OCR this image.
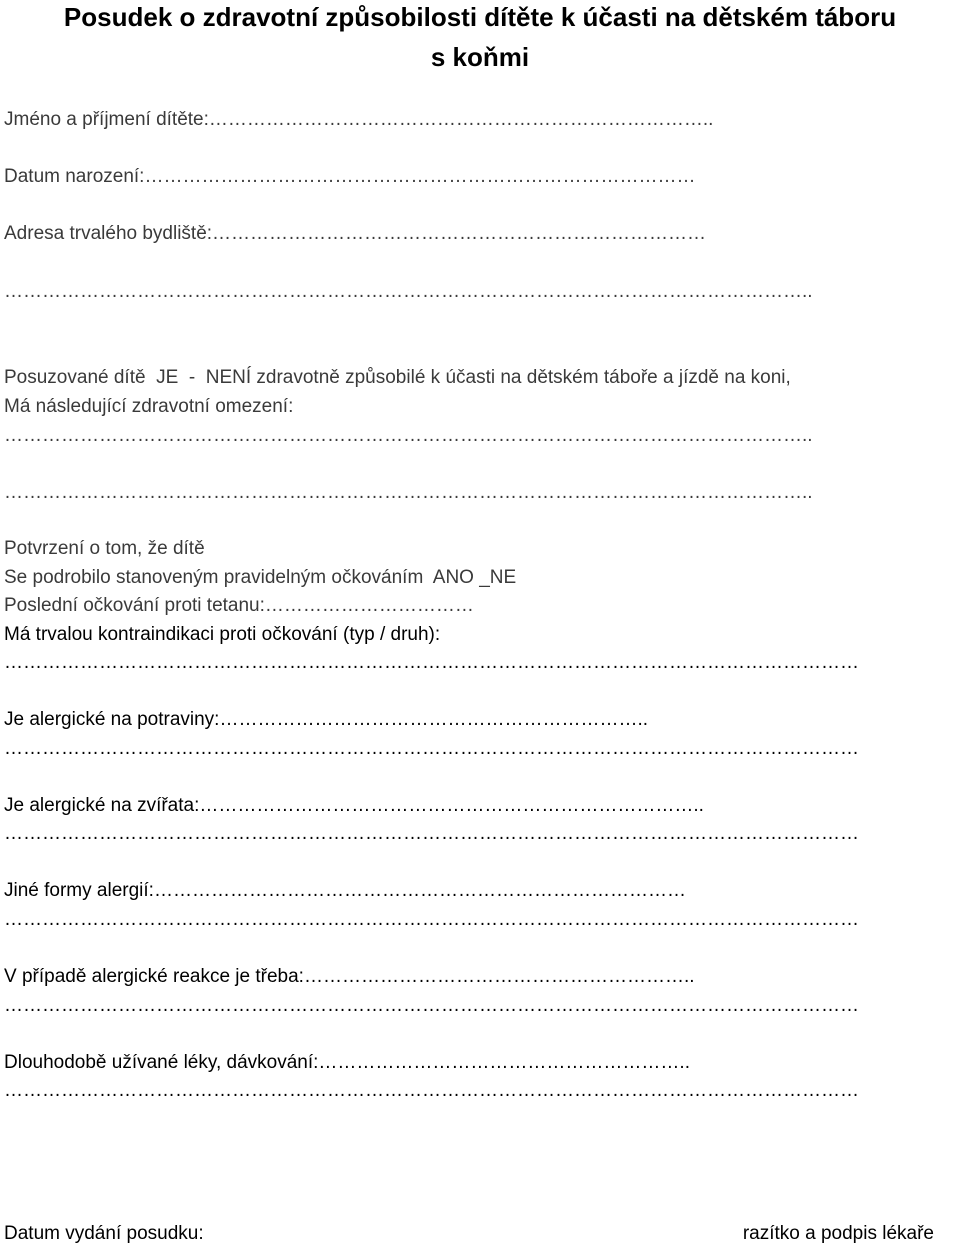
Posudek o zdravotní způsobilosti dítěte k účasti na dětském táboru
s koňmi
Jméno a příjmení dítěte:……………………………………………………………………..
Datum narození:……………………………………………………………………………
Adresa trvalého bydliště:……………………………………………………………………
………………………………………………………………………………………………………………..
Posuzované dítě  JE  -  NENÍ zdravotně způsobilé k účasti na dětském táboře a jízdě na koni,
Má následující zdravotní omezení:
………………………………………………………………………………………………………………..
………………………………………………………………………………………………………………..
Potvrzení o tom, že dítě
Se podrobilo stanoveným pravidelným očkováním  ANO _NE
Poslední očkování proti tetanu:……………………………
Má trvalou kontraindikaci proti očkování (typ / druh):
………………………………………………………………………………………………………………………
Je alergické na potraviny:…………………………………………………………..
………………………………………………………………………………………………………………………
Je alergické na zvířata:……………………………………………………………………..
………………………………………………………………………………………………………………………
Jiné formy alergií:…………………………………………………………………………
………………………………………………………………………………………………………………………
V případě alergické reakce je třeba:……………………………………………………..
………………………………………………………………………………………………………………………
Dlouhodobě užívané léky, dávkování:…………………………………………………..
………………………………………………………………………………………………………………………
Datum vydání posudku:	razítko a podpis lékaře
